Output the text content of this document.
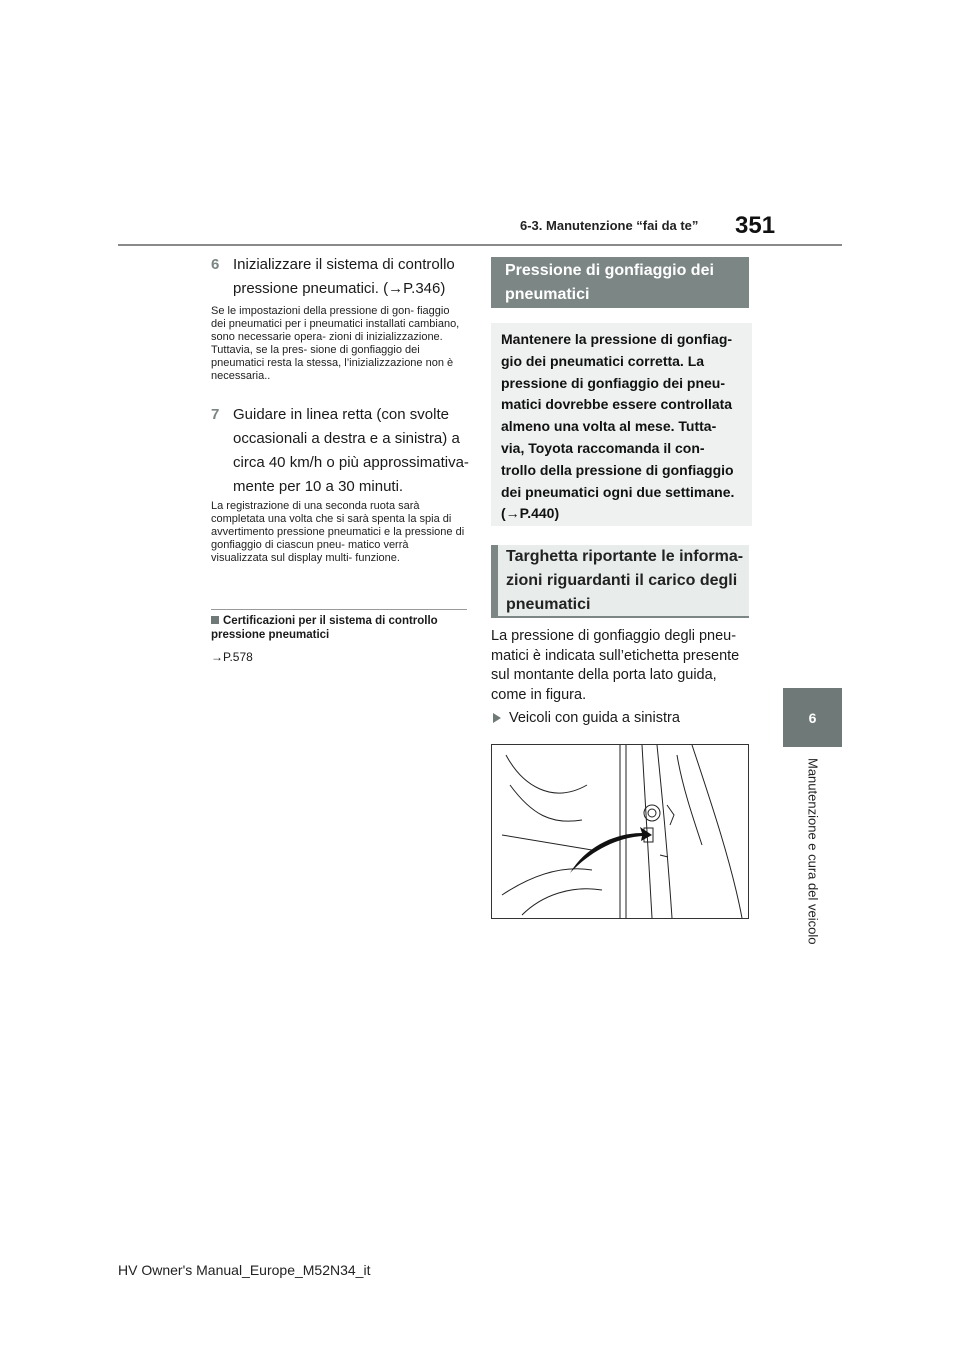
6-3. Manutenzione “fai da te” 351
6
Manutenzione e cura del veicolo
6 Inizializzare il sistema di controllo pressione pneumatici. (→P.346)
Se le impostazioni della pressione di gon- fiaggio dei pneumatici per i pneumatici installati cambiano, sono necessarie opera- zioni di inizializzazione. Tuttavia, se la pres- sione di gonfiaggio dei pneumatici resta la stessa, l’inizializzazione non è necessaria..
7 Guidare in linea retta (con svolte occasionali a destra e a sinistra) a circa 40 km/h o più approssimativa- mente per 10 a 30 minuti.
La registrazione di una seconda ruota sarà completata una volta che si sarà spenta la spia di avvertimento pressione pneumatici e la pressione di gonfiaggio di ciascun pneu- matico verrà visualizzata sul display multi- funzione.
Certificazioni per il sistema di controllo pressione pneumatici
→P.578
Pressione di gonfiaggio dei pneumatici
Mantenere la pressione di gonfiag- gio dei pneumatici corretta. La pressione di gonfiaggio dei pneu- matici dovrebbe essere controllata almeno una volta al mese. Tutta- via, Toyota raccomanda il con- trollo della pressione di gonfiaggio dei pneumatici ogni due settimane. (→P.440)
Targhetta riportante le informa- zioni riguardanti il carico degli pneumatici
La pressione di gonfiaggio degli pneu- matici è indicata sull’etichetta presente sul montante della porta lato guida, come in figura.
Veicoli con guida a sinistra
HV Owner's Manual_Europe_M52N34_it
